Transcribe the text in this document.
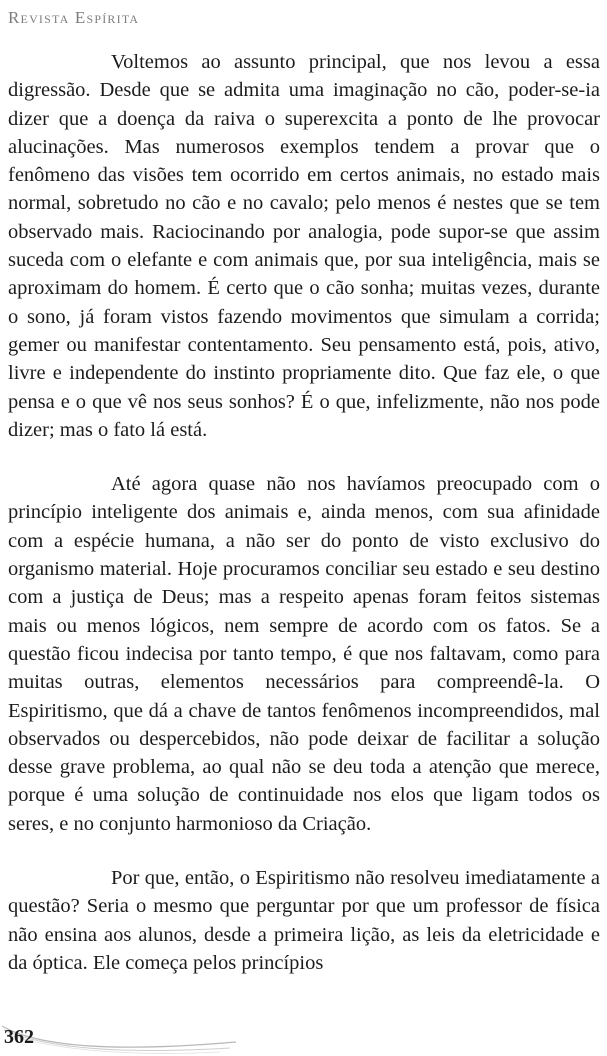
Revista Espírita

Voltemos ao assunto principal, que nos levou a essa digressão. Desde que se admita uma imaginação no cão, poder-se-ia dizer que a doença da raiva o superexcita a ponto de lhe provocar alucinações. Mas numerosos exemplos tendem a provar que o fenômeno das visões tem ocorrido em certos animais, no estado mais normal, sobretudo no cão e no cavalo; pelo menos é nestes que se tem observado mais. Raciocinando por analogia, pode supor-se que assim suceda com o elefante e com animais que, por sua inteligência, mais se aproximam do homem. É certo que o cão sonha; muitas vezes, durante o sono, já foram vistos fazendo movimentos que simulam a corrida; gemer ou manifestar contentamento. Seu pensamento está, pois, ativo, livre e independente do instinto propriamente dito. Que faz ele, o que pensa e o que vê nos seus sonhos? É o que, infelizmente, não nos pode dizer; mas o fato lá está.

Até agora quase não nos havíamos preocupado com o princípio inteligente dos animais e, ainda menos, com sua afinidade com a espécie humana, a não ser do ponto de visto exclusivo do organismo material. Hoje procuramos conciliar seu estado e seu destino com a justiça de Deus; mas a respeito apenas foram feitos sistemas mais ou menos lógicos, nem sempre de acordo com os fatos. Se a questão ficou indecisa por tanto tempo, é que nos faltavam, como para muitas outras, elementos necessários para compreendê-la. O Espiritismo, que dá a chave de tantos fenômenos incompreendidos, mal observados ou despercebidos, não pode deixar de facilitar a solução desse grave problema, ao qual não se deu toda a atenção que merece, porque é uma solução de continuidade nos elos que ligam todos os seres, e no conjunto harmonioso da Criação.

Por que, então, o Espiritismo não resolveu imediatamente a questão? Seria o mesmo que perguntar por que um professor de física não ensina aos alunos, desde a primeira lição, as leis da eletricidade e da óptica. Ele começa pelos princípios

362
